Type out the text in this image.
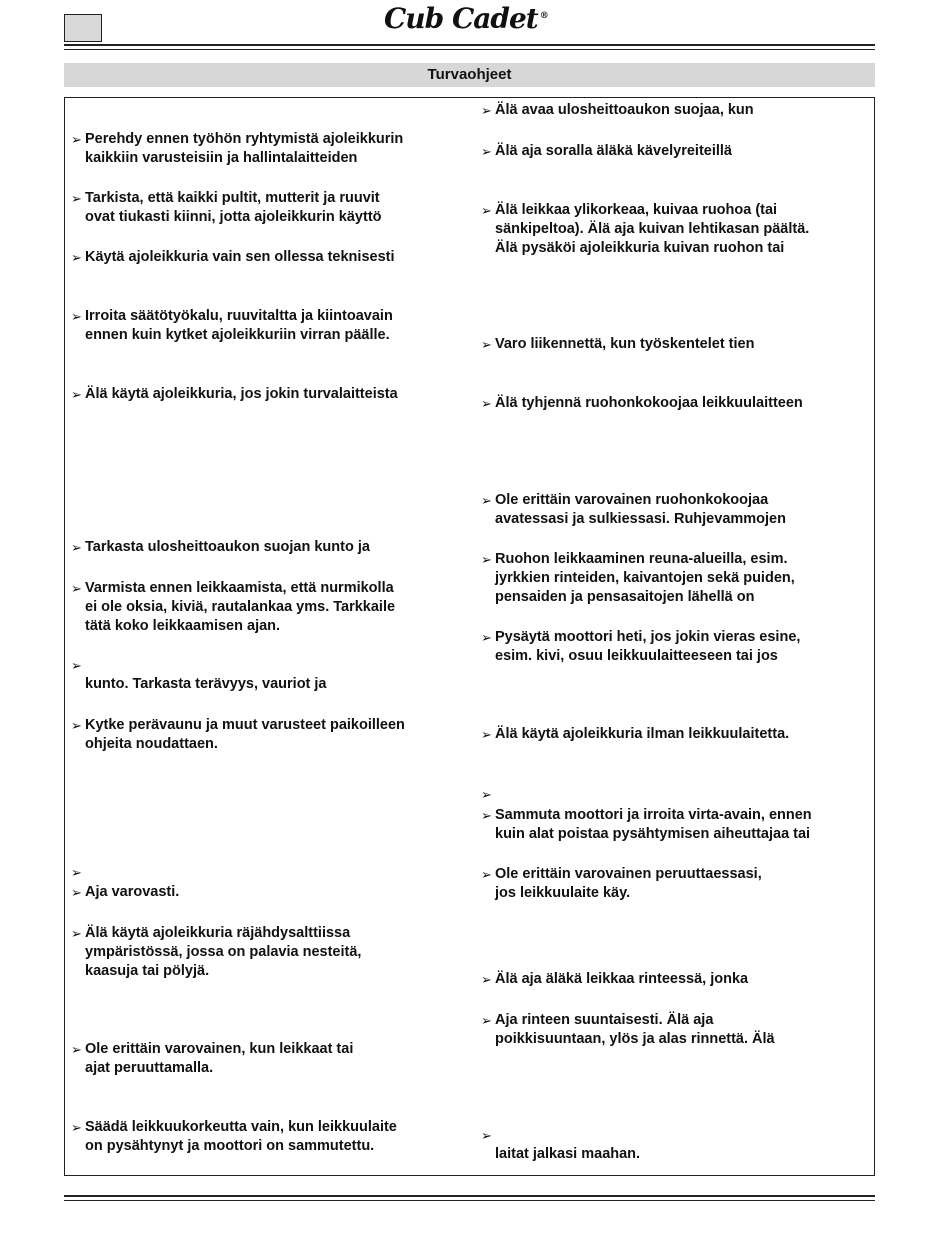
Cub Cadet ®
Turvaohjeet
➢ Perehdy ennen työhön ryhtymistä ajoleikkurin
kaikkiin varusteisiin ja hallintalaitteiden
➢ Tarkista, että kaikki pultit, mutterit ja ruuvit
ovat tiukasti kiinni, jotta ajoleikkurin käyttö
➢ Käytä ajoleikkuria vain sen ollessa teknisesti
➢ Irroita säätötyökalu, ruuvitaltta ja kiintoavain
ennen kuin kytket ajoleikkuriin virran päälle.
➢ Älä käytä ajoleikkuria, jos jokin turvalaitteista
➢ Tarkasta ulosheittoaukon suojan kunto ja
➢ Varmista ennen leikkaamista, että nurmikolla
ei ole oksia, kiviä, rautalankaa yms. Tarkkaile
tätä koko leikkaamisen ajan.
➢

kunto. Tarkasta terävyys, vauriot ja
➢ Kytke perävaunu ja muut varusteet paikoilleen
ohjeita noudattaen.
➢
➢ Aja varovasti.
➢ Älä käytä ajoleikkuria räjähdysalttiissa
ympäristössä, jossa on palavia nesteitä,
kaasuja tai pölyjä.
➢ Ole erittäin varovainen, kun leikkaat tai
ajat peruuttamalla.
➢ Säädä leikkuukorkeutta vain, kun leikkuulaite
on pysähtynyt ja moottori on sammutettu.
➢ Älä avaa ulosheittoaukon suojaa, kun
➢ Älä aja soralla äläkä kävelyreiteillä
➢ Älä leikkaa ylikorkeaa, kuivaa ruohoa (tai
sänkipeltoa). Älä aja kuivan lehtikasan päältä.
Älä pysäköi ajoleikkuria kuivan ruohon tai
➢ Varo liikennettä, kun työskentelet tien
➢ Älä tyhjennä ruohonkokoojaa leikkuulaitteen
➢ Ole erittäin varovainen ruohonkokoojaa
avatessasi ja sulkiessasi. Ruhjevammojen
➢ Ruohon leikkaaminen reuna-alueilla, esim.
jyrkkien rinteiden, kaivantojen sekä puiden,
pensaiden ja pensasaitojen lähellä on
➢ Pysäytä moottori heti, jos jokin vieras esine,
esim. kivi, osuu leikkuulaitteeseen tai jos
➢ Älä käytä ajoleikkuria ilman leikkuulaitetta.
➢
➢ Sammuta moottori ja irroita virta-avain, ennen
kuin alat poistaa pysähtymisen aiheuttajaa tai
➢ Ole erittäin varovainen peruuttaessasi,
jos leikkuulaite käy.
➢ Älä aja äläkä leikkaa rinteessä, jonka
➢ Aja rinteen suuntaisesti. Älä aja
poikkisuuntaan, ylös ja alas rinnettä. Älä
➢

laitat jalkasi maahan.
